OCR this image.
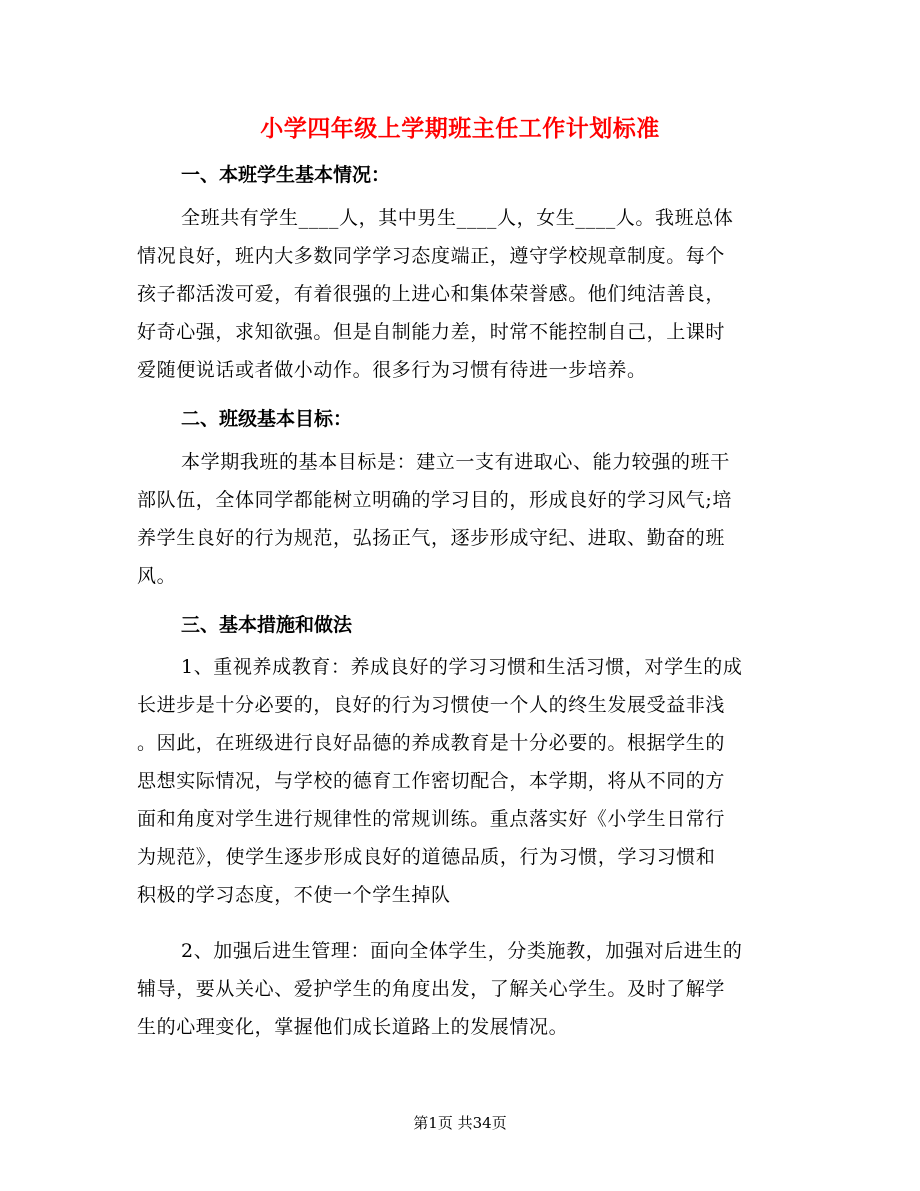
小学四年级上学期班主任工作计划标准
一、本班学生基本情况：
全班共有学生____人，其中男生____人，女生____人。我班总体
情况良好，班内大多数同学学习态度端正，遵守学校规章制度。每个
孩子都活泼可爱，有着很强的上进心和集体荣誉感。他们纯洁善良，
好奇心强，求知欲强。但是自制能力差，时常不能控制自己，上课时
爱随便说话或者做小动作。很多行为习惯有待进一步培养。
二、班级基本目标：
本学期我班的基本目标是：建立一支有进取心、能力较强的班干
部队伍，全体同学都能树立明确的学习目的，形成良好的学习风气;培
养学生良好的行为规范，弘扬正气，逐步形成守纪、进取、勤奋的班
风。
三、基本措施和做法
1、重视养成教育：养成良好的学习习惯和生活习惯，对学生的成
长进步是十分必要的，良好的行为习惯使一个人的终生发展受益非浅
。因此，在班级进行良好品德的养成教育是十分必要的。根据学生的
思想实际情况，与学校的德育工作密切配合，本学期，将从不同的方
面和角度对学生进行规律性的常规训练。重点落实好《小学生日常行
为规范》，使学生逐步形成良好的道德品质，行为习惯，学习习惯和
积极的学习态度，不使一个学生掉队
2、加强后进生管理：面向全体学生，分类施教，加强对后进生的
辅导，要从关心、爱护学生的角度出发，了解关心学生。及时了解学
生的心理变化，掌握他们成长道路上的发展情况。
第1页 共34页
